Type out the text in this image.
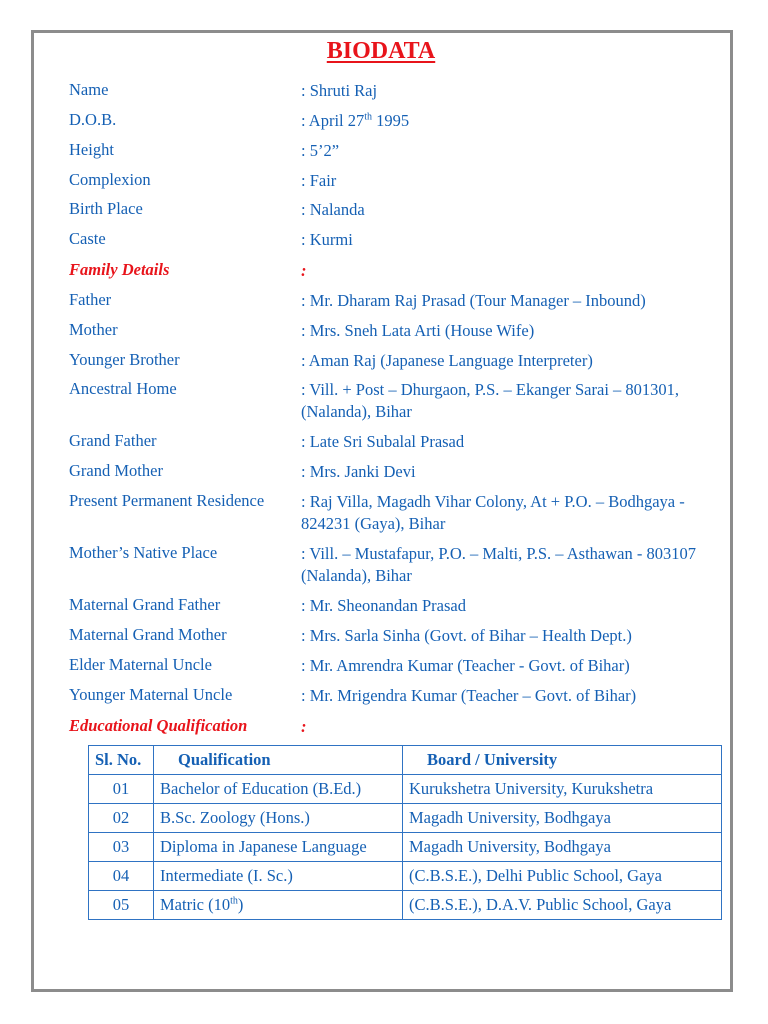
BIODATA
Name	: Shruti Raj
D.O.B.	: April 27th 1995
Height	: 5’2”
Complexion	: Fair
Birth Place	: Nalanda
Caste	: Kurmi
Family Details	:
Father	: Mr. Dharam Raj Prasad (Tour Manager – Inbound)
Mother	: Mrs. Sneh Lata Arti (House Wife)
Younger Brother	: Aman Raj (Japanese Language Interpreter)
Ancestral Home	: Vill. + Post – Dhurgaon, P.S. – Ekanger Sarai – 801301, (Nalanda), Bihar
Grand Father	: Late Sri Subalal Prasad
Grand Mother	: Mrs. Janki Devi
Present Permanent Residence : Raj Villa, Magadh Vihar Colony, At + P.O. – Bodhgaya - 824231 (Gaya), Bihar
Mother’s Native Place	: Vill. – Mustafapur, P.O. – Malti, P.S. – Asthawan - 803107 (Nalanda), Bihar
Maternal Grand Father	: Mr. Sheonandan Prasad
Maternal Grand Mother	: Mrs. Sarla Sinha (Govt. of Bihar – Health Dept.)
Elder Maternal Uncle	: Mr. Amrendra Kumar (Teacher - Govt. of Bihar)
Younger Maternal Uncle	: Mr. Mrigendra Kumar (Teacher – Govt. of Bihar)
Educational Qualification	:
Sl. No.	Qualification	Board / University
01	Bachelor of Education (B.Ed.)	Kurukshetra University, Kurukshetra
02	B.Sc. Zoology (Hons.)	Magadh University, Bodhgaya
03	Diploma in Japanese Language	Magadh University, Bodhgaya
04	Intermediate (I. Sc.)	(C.B.S.E.), Delhi Public School, Gaya
05	Matric (10th)	(C.B.S.E.), D.A.V. Public School, Gaya
